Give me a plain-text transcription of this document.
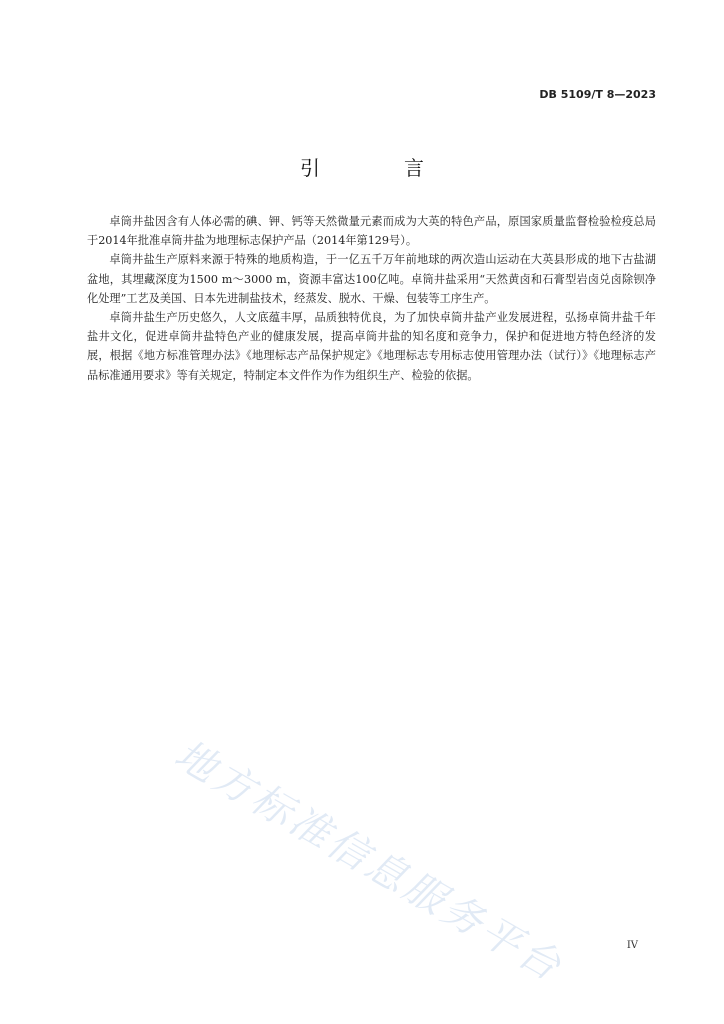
DB 5109/T 8—2023
引　言

卓筒井盐因含有人体必需的碘、钾、钙等天然微量元素而成为大英的特色产品，原国家质量监督检验检疫总局于2014年批准卓筒井盐为地理标志保护产品（2014年第129号）。

卓筒井盐生产原料来源于特殊的地质构造，于一亿五千万年前地球的两次造山运动在大英县形成的地下古盐湖盆地，其埋藏深度为1500 m～3000 m，资源丰富达100亿吨。卓筒井盐采用“天然黄卤和石膏型岩卤兑卤除钡净化处理”工艺及美国、日本先进制盐技术，经蒸发、脱水、干燥、包装等工序生产。

卓筒井盐生产历史悠久，人文底蕴丰厚，品质独特优良，为了加快卓筒井盐产业发展进程，弘扬卓筒井盐千年盐井文化，促进卓筒井盐特色产业的健康发展，提高卓筒井盐的知名度和竞争力，保护和促进地方特色经济的发展，根据《地方标准管理办法》《地理标志产品保护规定》《地理标志专用标志使用管理办法（试行）》《地理标志产品标准通用要求》等有关规定，特制定本文件作为作为组织生产、检验的依据。

地方标准信息服务平台	IV
